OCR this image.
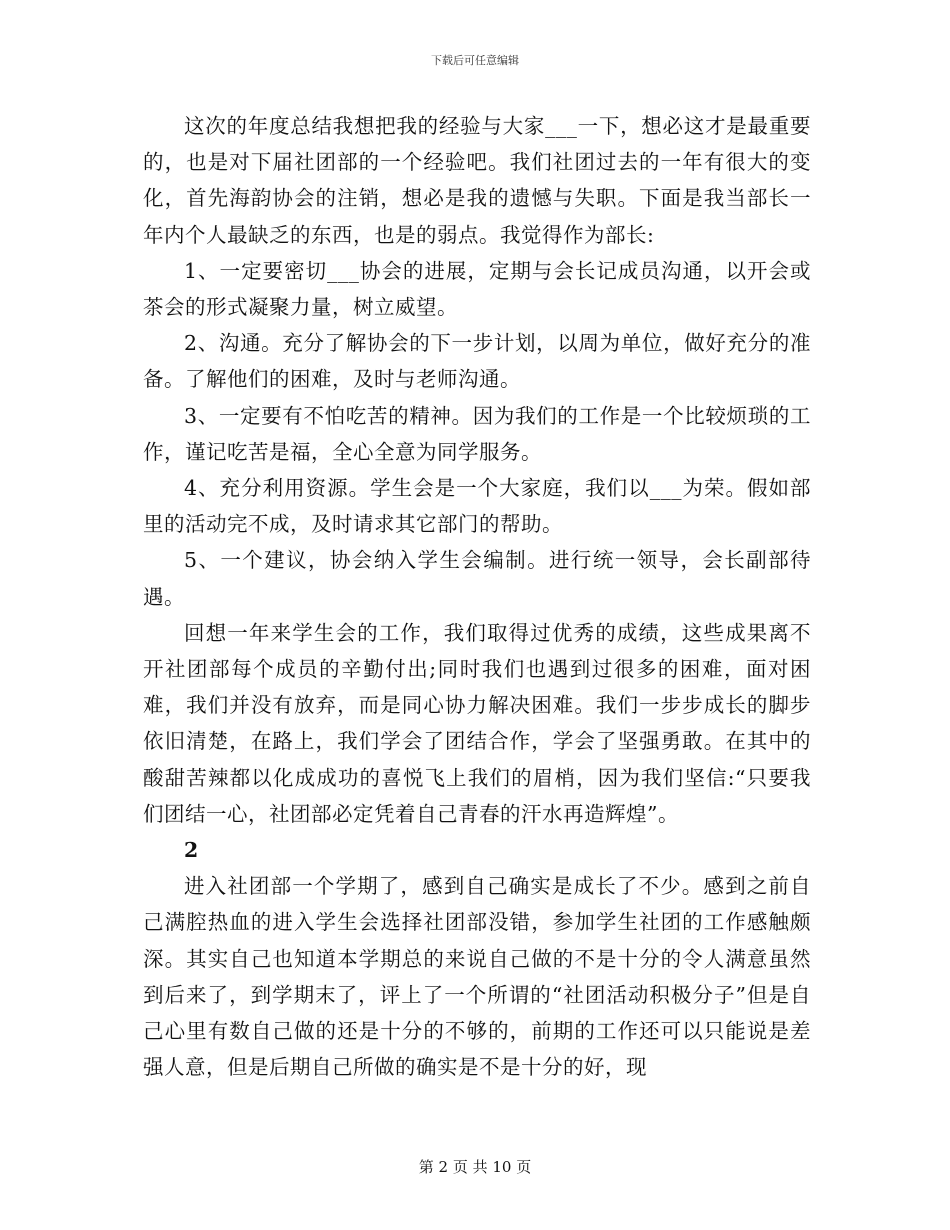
下载后可任意编辑

这次的年度总结我想把我的经验与大家___一下，想必这才是最重要的，也是对下届社团部的一个经验吧。我们社团过去的一年有很大的变化，首先海韵协会的注销，想必是我的遗憾与失职。下面是我当部长一年内个人最缺乏的东西，也是的弱点。我觉得作为部长:

1、一定要密切___协会的进展，定期与会长记成员沟通，以开会或茶会的形式凝聚力量，树立威望。

2、沟通。充分了解协会的下一步计划，以周为单位，做好充分的准备。了解他们的困难，及时与老师沟通。

3、一定要有不怕吃苦的精神。因为我们的工作是一个比较烦琐的工作，谨记吃苦是福，全心全意为同学服务。

4、充分利用资源。学生会是一个大家庭，我们以___为荣。假如部里的活动完不成，及时请求其它部门的帮助。

5、一个建议，协会纳入学生会编制。进行统一领导，会长副部待遇。

回想一年来学生会的工作，我们取得过优秀的成绩，这些成果离不开社团部每个成员的辛勤付出;同时我们也遇到过很多的困难，面对困难，我们并没有放弃，而是同心协力解决困难。我们一步步成长的脚步依旧清楚，在路上，我们学会了团结合作，学会了坚强勇敢。在其中的酸甜苦辣都以化成成功的喜悦飞上我们的眉梢，因为我们坚信:“只要我们团结一心，社团部必定凭着自己青春的汗水再造辉煌”。

2

进入社团部一个学期了，感到自己确实是成长了不少。感到之前自己满腔热血的进入学生会选择社团部没错，参加学生社团的工作感触颇深。其实自己也知道本学期总的来说自己做的不是十分的令人满意虽然到后来了，到学期末了，评上了一个所谓的“社团活动积极分子”但是自己心里有数自己做的还是十分的不够的，前期的工作还可以只能说是差强人意，但是后期自己所做的确实是不是十分的好，现

第 2 页 共 10 页
